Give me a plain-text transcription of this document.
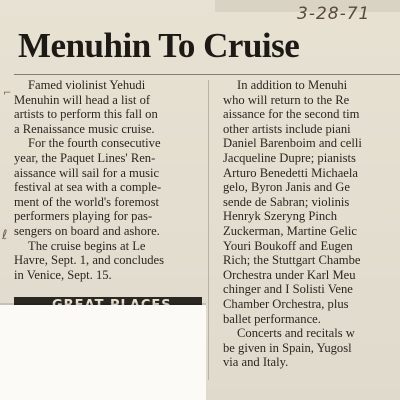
3-28-71
Menuhin To Cruise
Famed violinist Yehudi
Menuhin will head a list of
artists to perform this fall on
a Renaissance music cruise.
For the fourth consecutive
year, the Paquet Lines' Ren-
aissance will sail for a music
festival at sea with a comple-
ment of the world's foremost
performers playing for pas-
sengers on board and ashore.
The cruise begins at Le
Havre, Sept. 1, and concludes
in Venice, Sept. 15.
In addition to Menuhi
who will return to the Re
aissance for the second tim
other artists include piani
Daniel Barenboim and celli
Jacqueline Dupre; pianists
Arturo Benedetti Michaela
gelo, Byron Janis and Ge
sende de Sabran; violinis
Henryk Szeryng Pinch
Zuckerman, Martine Gelic
Youri Boukoff and Eugen
Rich; the Stuttgart Chambe
Orchestra under Karl Meu
chinger and I Solisti Vene
Chamber Orchestra, plus
ballet performance.
Concerts and recitals w
be given in Spain, Yugosl
via and Italy.
⌐
ℓ
